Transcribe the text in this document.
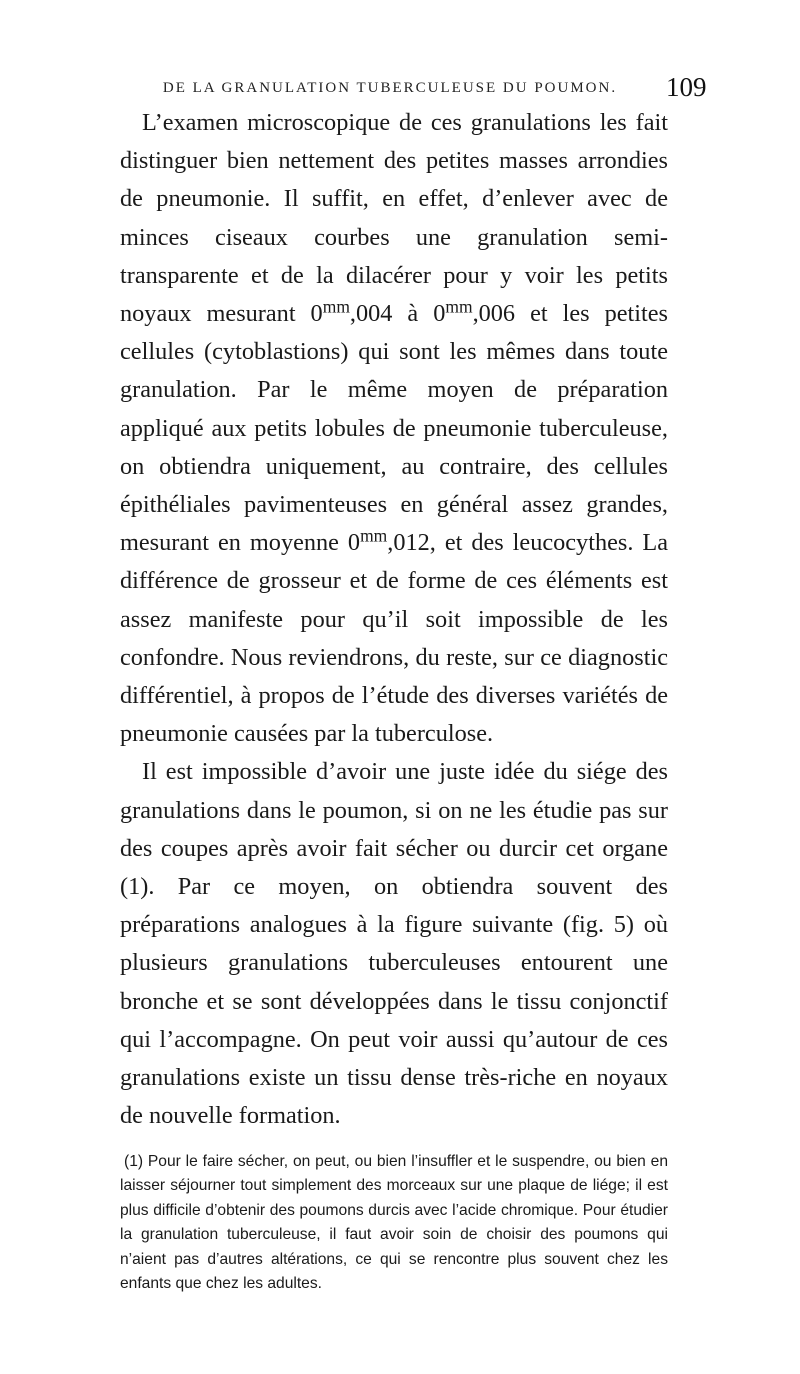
DE LA GRANULATION TUBERCULEUSE DU POUMON.	109

L’examen microscopique de ces granulations les fait distinguer bien nettement des petites masses arrondies de pneumonie. Il suffit, en effet, d’enlever avec de minces ciseaux courbes une granulation semi-transparente et de la dilacérer pour y voir les petits noyaux mesurant $0^{mm},004$ à $0^{mm},006$ et les petites cellules (cytoblastions) qui sont les mêmes dans toute granulation. Par le même moyen de préparation appliqué aux petits lobules de pneumonie tuberculeuse, on obtiendra uniquement, au contraire, des cellules épithéliales pavimenteuses en général assez grandes, mesurant en moyenne $0^{mm},012$, et des leucocythes. La différence de grosseur et de forme de ces éléments est assez manifeste pour qu’il soit impossible de les confondre. Nous reviendrons, du reste, sur ce diagnostic différentiel, à propos de l’étude des diverses variétés de pneumonie causées par la tuberculose.

Il est impossible d’avoir une juste idée du siége des granulations dans le poumon, si on ne les étudie pas sur des coupes après avoir fait sécher ou durcir cet organe (1). Par ce moyen, on obtiendra souvent des préparations analogues à la figure suivante (fig. 5) où plusieurs granulations tuberculeuses entourent une bronche et se sont développées dans le tissu conjonctif qui l’accompagne. On peut voir aussi qu’autour de ces granulations existe un tissu dense très-riche en noyaux de nouvelle formation.

(1) Pour le faire sécher, on peut, ou bien l’insuffler et le suspendre, ou bien en laisser séjourner tout simplement des morceaux sur une plaque de liége; il est plus difficile d’obtenir des poumons durcis avec l’acide chromique. Pour étudier la granulation tuberculeuse, il faut avoir soin de choisir des poumons qui n’aient pas d’autres altérations, ce qui se rencontre plus souvent chez les enfants que chez les adultes.
